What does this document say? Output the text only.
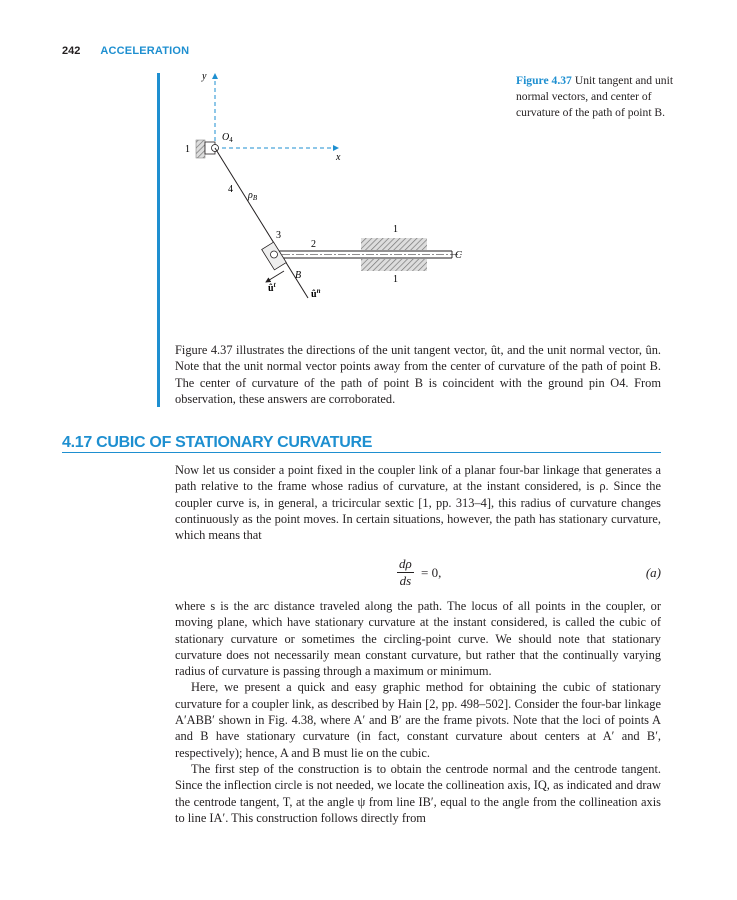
242 ACCELERATION
y
x
1
$O_4$
4
$\rho_B$
1
1
2
C
3
B
$û^t$
$û^n$
Figure 4.37 Unit tangent and unit normal vectors, and center of curvature of the path of point B.
Figure 4.37 illustrates the directions of the unit tangent vector, ût, and the unit normal vector, ûn. Note that the unit normal vector points away from the center of curvature of the path of point B. The center of curvature of the path of point B is coincident with the ground pin O4. From observation, these answers are corroborated.
4.17 CUBIC OF STATIONARY CURVATURE

Now let us consider a point fixed in the coupler link of a planar four-bar linkage that generates a path relative to the frame whose radius of curvature, at the instant considered, is ρ. Since the coupler curve is, in general, a tricircular sextic [1, pp. 313–4], this radius of curvature changes continuously as the point moves. In certain situations, however, the path has stationary curvature, which means that

$\frac{d\rho}{ds} = 0$,	(a)

where s is the arc distance traveled along the path. The locus of all points in the coupler, or moving plane, which have stationary curvature at the instant considered, is called the cubic of stationary curvature or sometimes the circling-point curve. We should note that stationary curvature does not necessarily mean constant curvature, but rather that the continually varying radius of curvature is passing through a maximum or minimum.

Here, we present a quick and easy graphic method for obtaining the cubic of stationary curvature for a coupler link, as described by Hain [2, pp. 498–502]. Consider the four-bar linkage A′ABB′ shown in Fig. 4.38, where A′ and B′ are the frame pivots. Note that the loci of points A and B have stationary curvature (in fact, constant curvature about centers at A′ and B′, respectively); hence, A and B must lie on the cubic.

The first step of the construction is to obtain the centrode normal and the centrode tangent. Since the inflection circle is not needed, we locate the collineation axis, IQ, as indicated and draw the centrode tangent, T, at the angle ψ from line IB′, equal to the angle from the collineation axis to line IA′. This construction follows directly from
